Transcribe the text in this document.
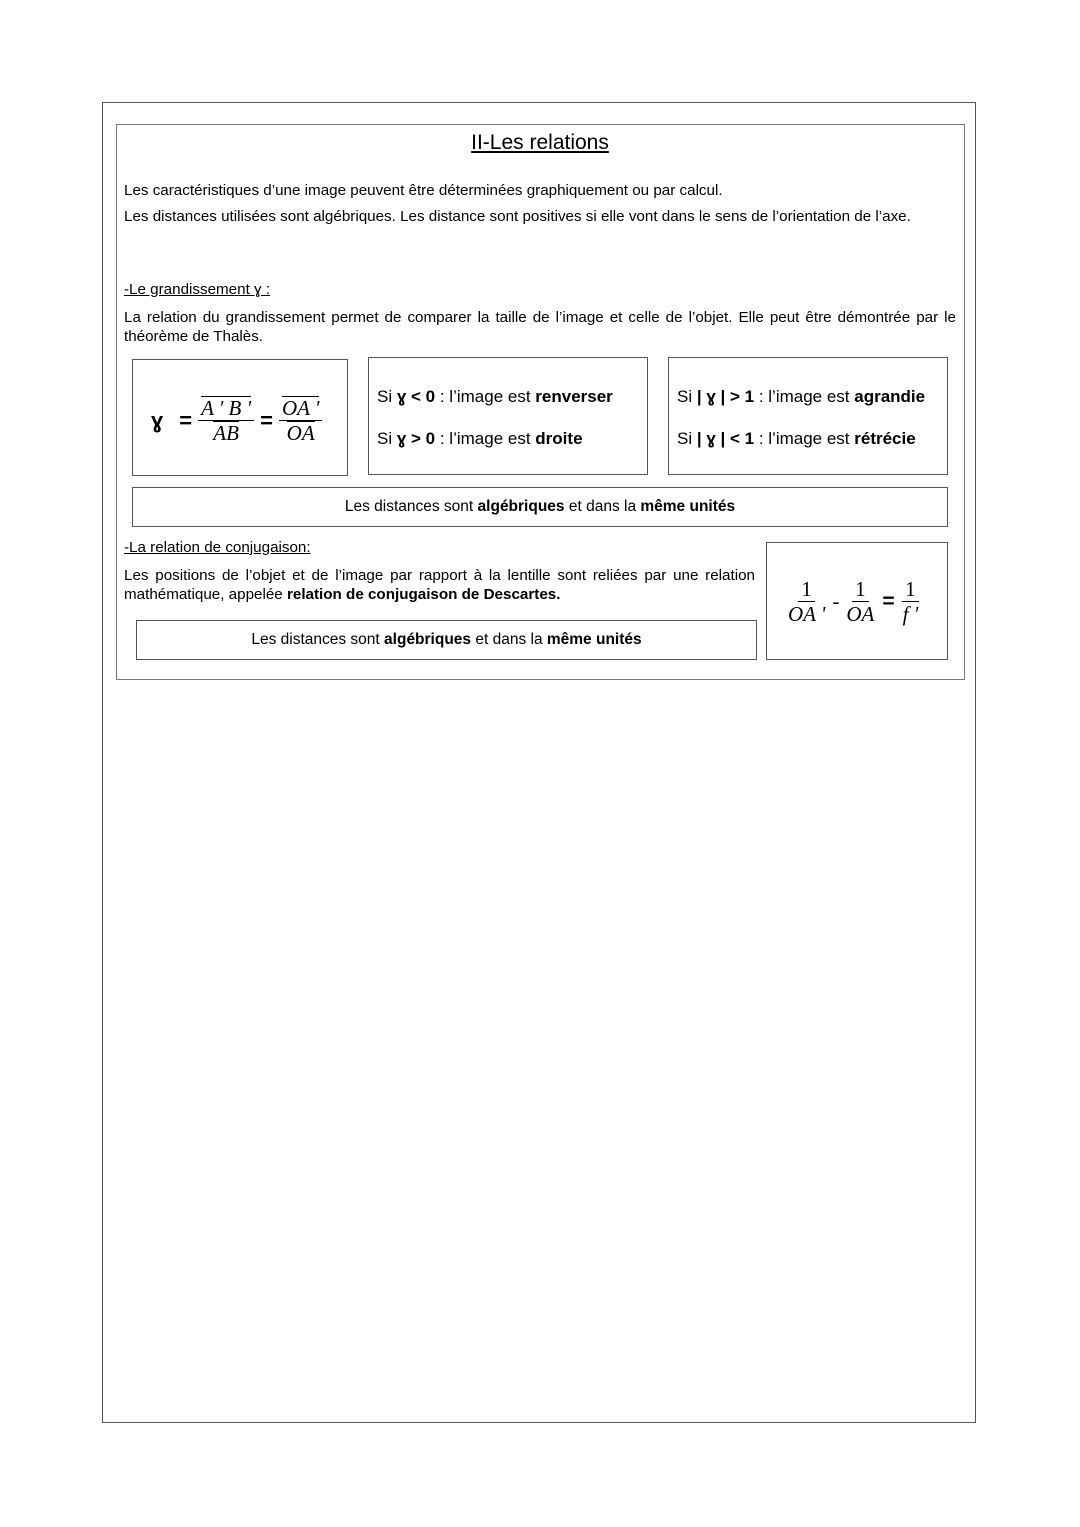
II-Les relations
Les caractéristiques d’une image peuvent être déterminées graphiquement ou par calcul.
Les distances utilisées sont algébriques. Les distance sont positives si elle vont dans le sens de l’orientation de l’axe.
-Le grandissement ɣ :
La relation du grandissement permet de comparer la taille de l’image et celle de l’objet. Elle peut être démontrée par le théorème de Thalès.
ɣ = $\frac{A ' B '}{AB} = \frac{OA '}{OA}$	Si ɣ < 0 : l’image est renverser
Si ɣ > 0 : l’image est droite
Si | ɣ | > 1 : l’image est agrandie
Si | ɣ | < 1 : l’image est rétrécie
Les distances sont algébriques et dans la même unités
-La relation de conjugaison:
Les positions de l’objet et de l’image par rapport à la lentille sont reliées par une relation mathématique, appelée relation de conjugaison de Descartes.
Les distances sont algébriques et dans la même unités
$\frac{1}{OA '} - \frac{1}{OA} = \frac{1}{f '}$
